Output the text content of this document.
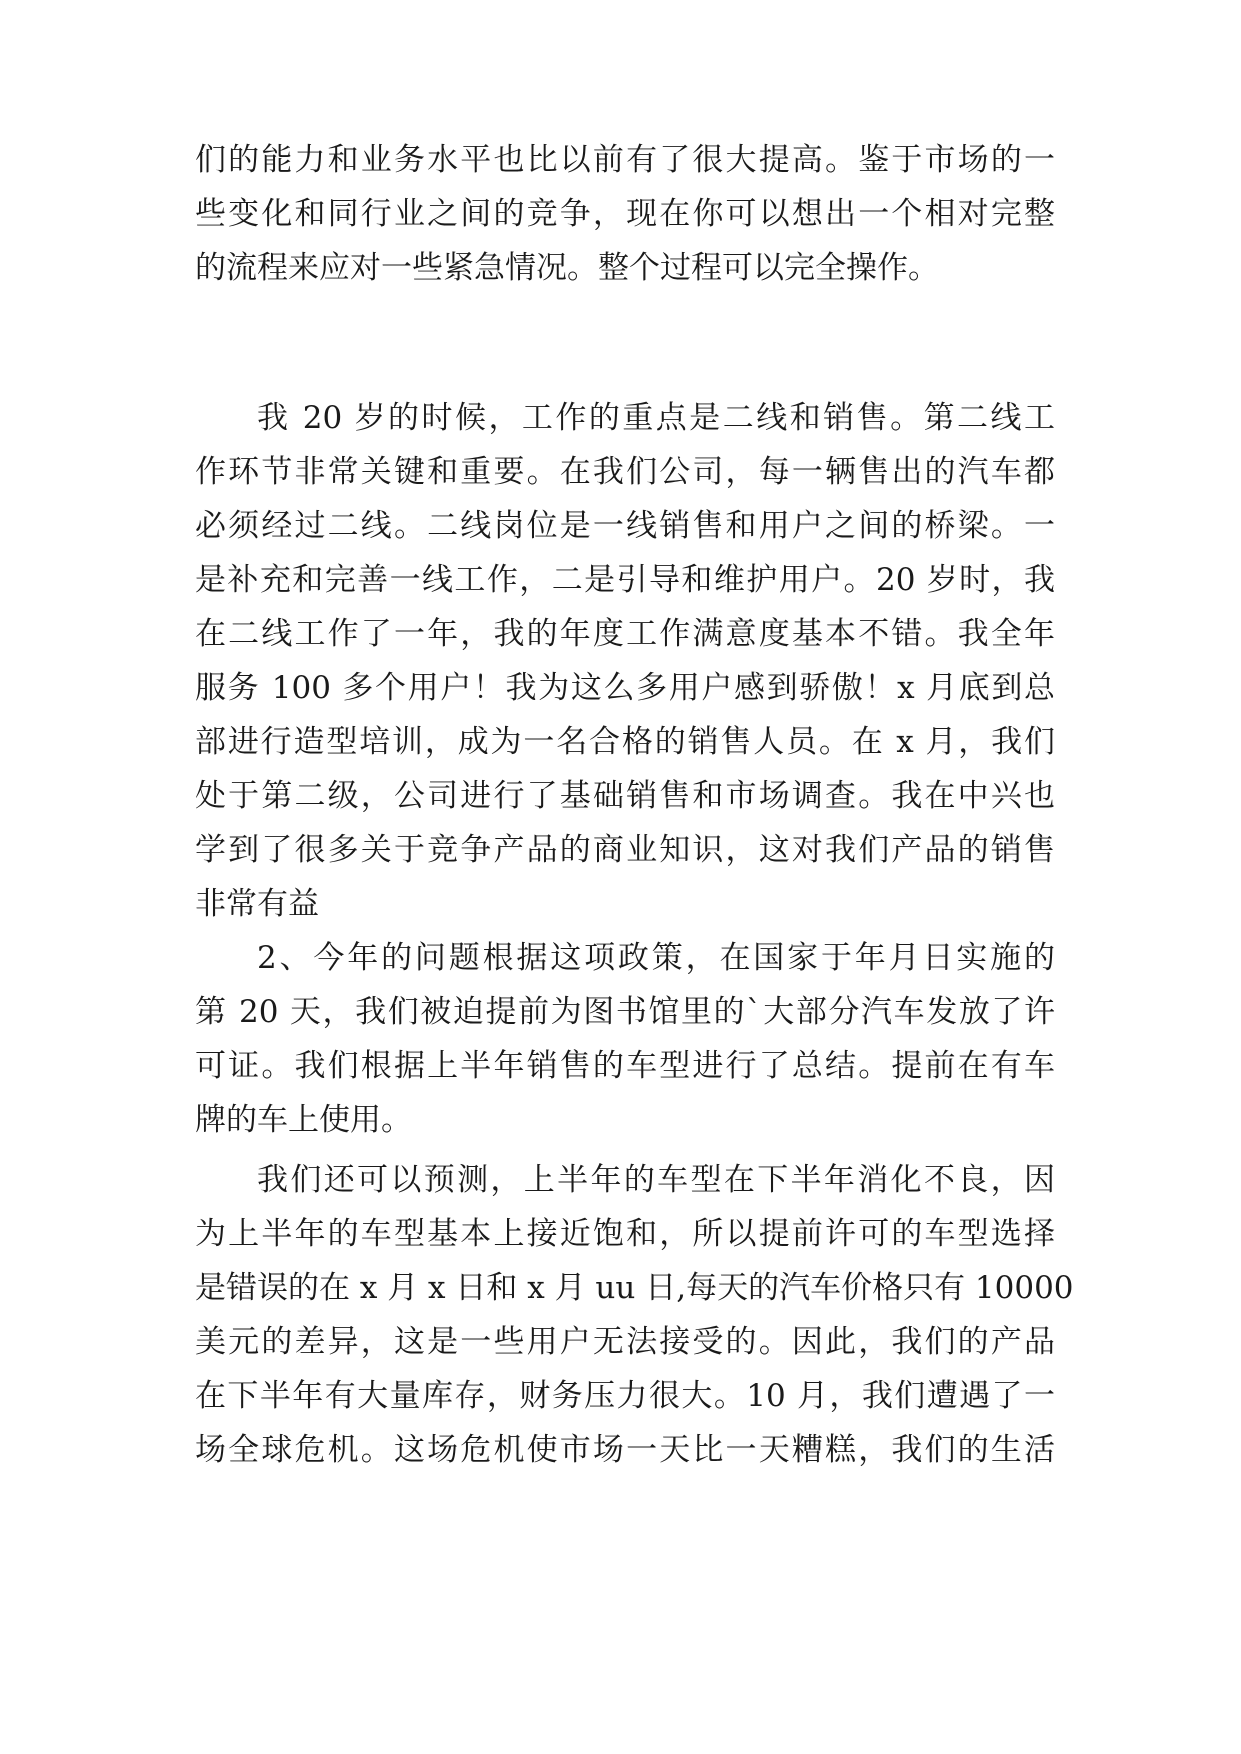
们的能力和业务水平也比以前有了很大提高。鉴于市场的一
些变化和同行业之间的竞争，现在你可以想出一个相对完整
的流程来应对一些紧急情况。整个过程可以完全操作。
我 20 岁的时候，工作的重点是二线和销售。第二线工
作环节非常关键和重要。在我们公司，每一辆售出的汽车都
必须经过二线。二线岗位是一线销售和用户之间的桥梁。一
是补充和完善一线工作，二是引导和维护用户。20 岁时，我
在二线工作了一年，我的年度工作满意度基本不错。我全年
服务 100 多个用户！我为这么多用户感到骄傲！x 月底到总
部进行造型培训，成为一名合格的销售人员。在 x 月，我们
处于第二级，公司进行了基础销售和市场调查。我在中兴也
学到了很多关于竞争产品的商业知识，这对我们产品的销售
非常有益
2、今年的问题根据这项政策，在国家于年月日实施的
第 20 天，我们被迫提前为图书馆里的`大部分汽车发放了许
可证。我们根据上半年销售的车型进行了总结。提前在有车
牌的车上使用。
我们还可以预测，上半年的车型在下半年消化不良，因
为上半年的车型基本上接近饱和，所以提前许可的车型选择
是错误的在 x 月 x 日和 x 月 uu 日,每天的汽车价格只有 10000
美元的差异，这是一些用户无法接受的。因此，我们的产品
在下半年有大量库存，财务压力很大。10 月，我们遭遇了一
场全球危机。这场危机使市场一天比一天糟糕，我们的生活
